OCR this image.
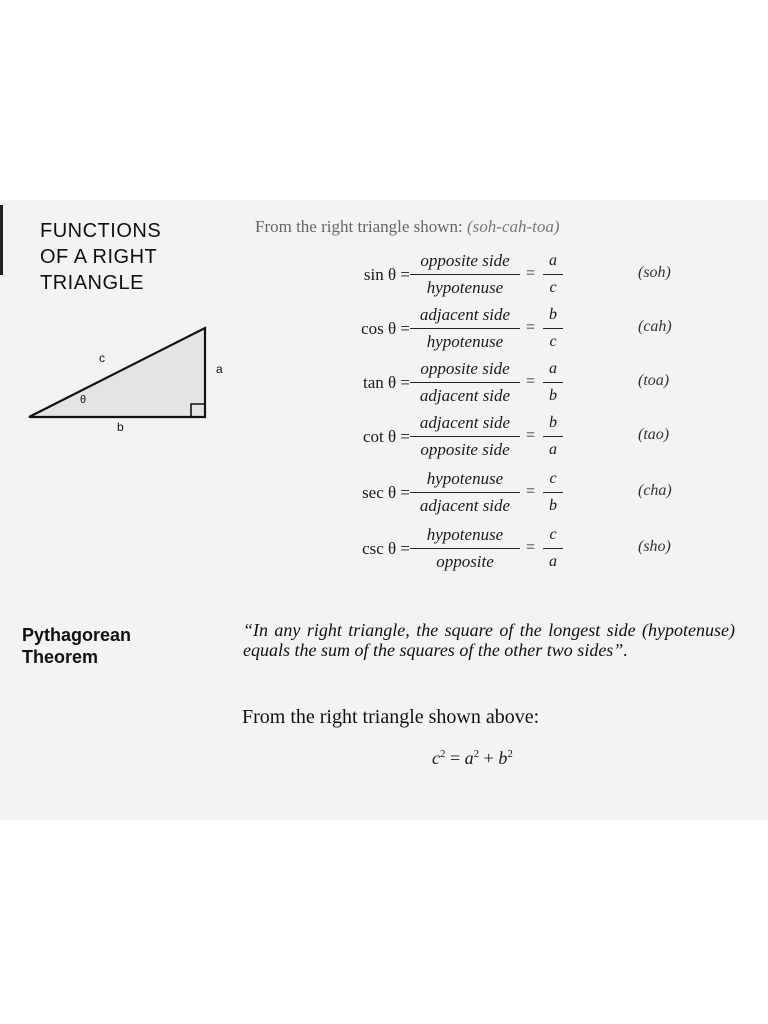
FUNCTIONS
OF A RIGHT
TRIANGLE
c
a
b
θ
From the right triangle shown: (soh-cah-toa)
sin θ =
opposite side
hypotenuse
=
a
c
(soh)
cos θ =
adjacent side
hypotenuse
=
b
c
(cah)
tan θ =
opposite side
adjacent side
=
a
b
(toa)
cot θ =
adjacent side
opposite side
=
b
a
(tao)
sec θ =
hypotenuse
adjacent side
=
c
b
(cha)
csc θ =
hypotenuse
opposite
=
c
a
(sho)
Pythagorean
Theorem
“In any right triangle, the square of the longest side (hypotenuse) equals the sum of the squares of the other two sides”.
From the right triangle shown above:
$c^2 = a^2 + b^2$
